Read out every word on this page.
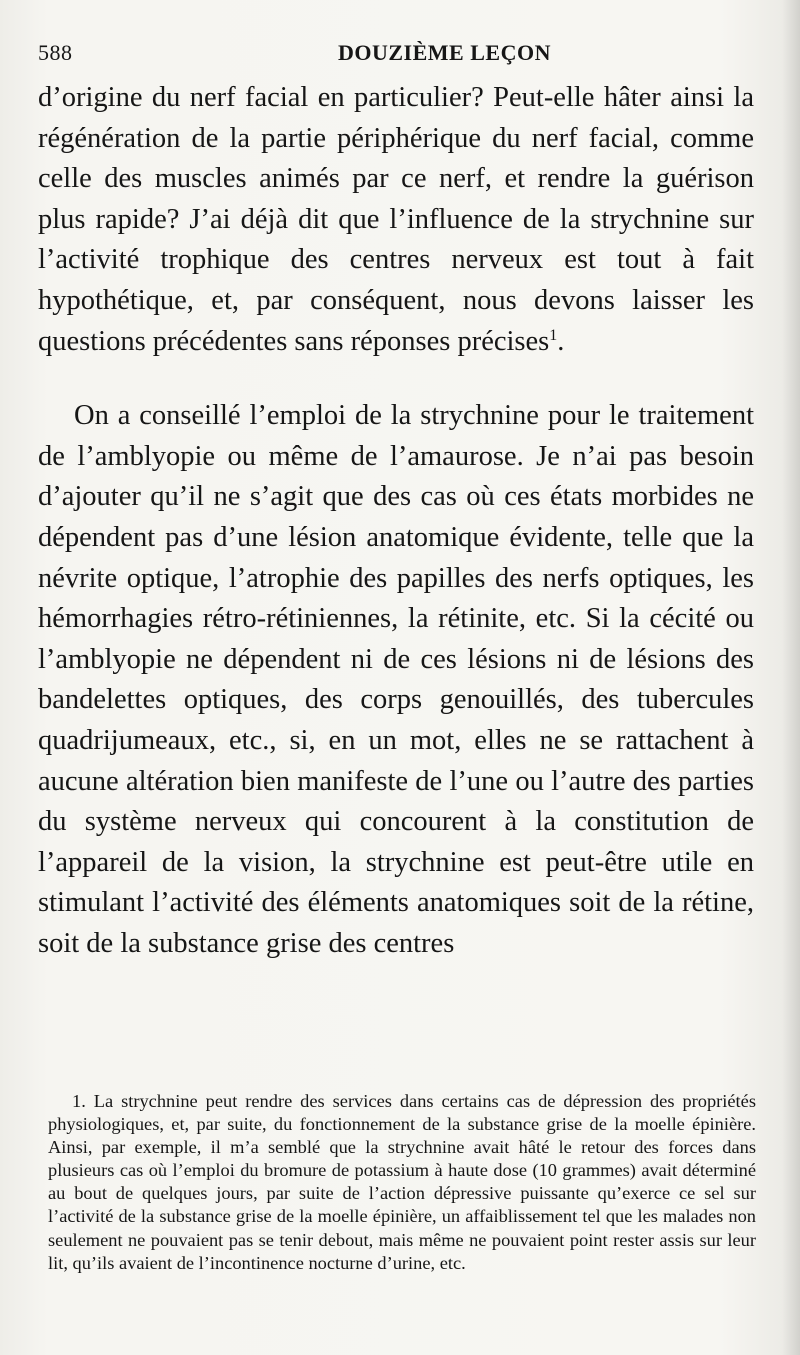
588	DOUZIÈME LEÇON

d’origine du nerf facial en particulier? Peut-elle hâter ainsi la régénération de la partie périphérique du nerf facial, comme celle des muscles animés par ce nerf, et rendre la guérison plus rapide? J’ai déjà dit que l’influence de la strychnine sur l’activité trophique des centres nerveux est tout à fait hypothétique, et, par conséquent, nous devons laisser les questions précédentes sans réponses précises$^1$.

On a conseillé l’emploi de la strychnine pour le traitement de l’amblyopie ou même de l’amaurose. Je n’ai pas besoin d’ajouter qu’il ne s’agit que des cas où ces états morbides ne dépendent pas d’une lésion anatomique évidente, telle que la névrite optique, l’atrophie des papilles des nerfs optiques, les hémorrhagies rétro-rétiniennes, la rétinite, etc. Si la cécité ou l’amblyopie ne dépendent ni de ces lésions ni de lésions des bandelettes optiques, des corps genouillés, des tubercules quadrijumeaux, etc., si, en un mot, elles ne se rattachent à aucune altération bien manifeste de l’une ou l’autre des parties du système nerveux qui concourent à la constitution de l’appareil de la vision, la strychnine est peut-être utile en stimulant l’activité des éléments anatomiques soit de la rétine, soit de la substance grise des centres

1. La strychnine peut rendre des services dans certains cas de dépression des propriétés physiologiques, et, par suite, du fonctionnement de la substance grise de la moelle épinière. Ainsi, par exemple, il m’a semblé que la strychnine avait hâté le retour des forces dans plusieurs cas où l’emploi du bromure de potassium à haute dose (10 grammes) avait déterminé au bout de quelques jours, par suite de l’action dépressive puissante qu’exerce ce sel sur l’activité de la substance grise de la moelle épinière, un affaiblissement tel que les malades non seulement ne pouvaient pas se tenir debout, mais même ne pouvaient point rester assis sur leur lit, qu’ils avaient de l’incontinence nocturne d’urine, etc.
